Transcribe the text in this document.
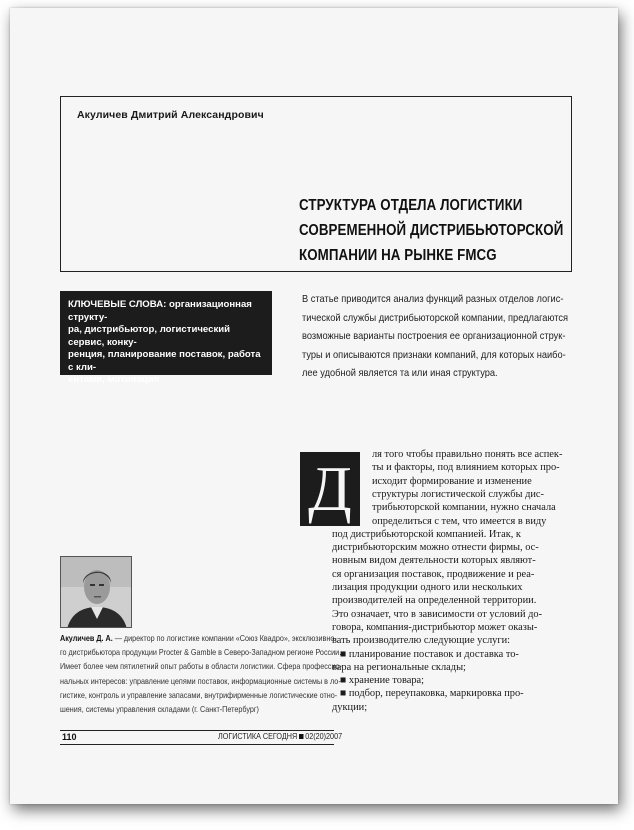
Акуличев Дмитрий Александрович
СТРУКТУРА ОТДЕЛА ЛОГИСТИКИ
СОВРЕМЕННОЙ ДИСТРИБЬЮТОРСКОЙ
КОМПАНИИ НА РЫНКЕ FMCG
КЛЮЧЕВЫЕ СЛОВА: организационная структу-
ра, дистрибьютор, логистический сервис, конку-
ренция, планирование поставок, работа с кли-
ентами, мотивация
В статье приводится анализ функций разных отделов логис-
тической службы дистрибьюторской компании, предлагаются
возможные варианты построения ее организационной струк-
туры и описываются признаки компаний, для которых наибо-
лее удобной является та или иная структура.
Д	ля того чтобы правильно понять все аспек-
ты и факторы, под влиянием которых про-
исходит формирование и изменение
структуры логистической службы дис-
трибьюторской компании, нужно сначала
определиться с тем, что имеется в виду
под дистрибьюторской компанией. Итак, к
дистрибьюторским можно отнести фирмы, ос-
новным видом деятельности которых являют-
ся организация поставок, продвижение и реа-
лизация продукции одного или нескольких
производителей на определенной территории.
Это означает, что в зависимости от условий до-
говора, компания-дистрибьютор может оказы-
вать производителю следующие услуги:
■ планирование поставок и доставка то-
вара на региональные склады;
■ хранение товара;
■ подбор, переупаковка, маркировка про-
дукции;
Акуличев Д. А. — директор по логистике компании «Союз Квадро», эксклюзивно-
го дистрибьютора продукции Procter & Gamble в Северо-Западном регионе России.
Имеет более чем пятилетний опыт работы в области логистики. Сфера профессио-
нальных интересов: управление цепями поставок, информационные системы в ло-
гистике, контроль и управление запасами, внутрифирменные логистические отно-
шения, системы управления складами (г. Санкт-Петербург)
110	ЛОГИСТИКА СЕГОДНЯ 02(20)2007
